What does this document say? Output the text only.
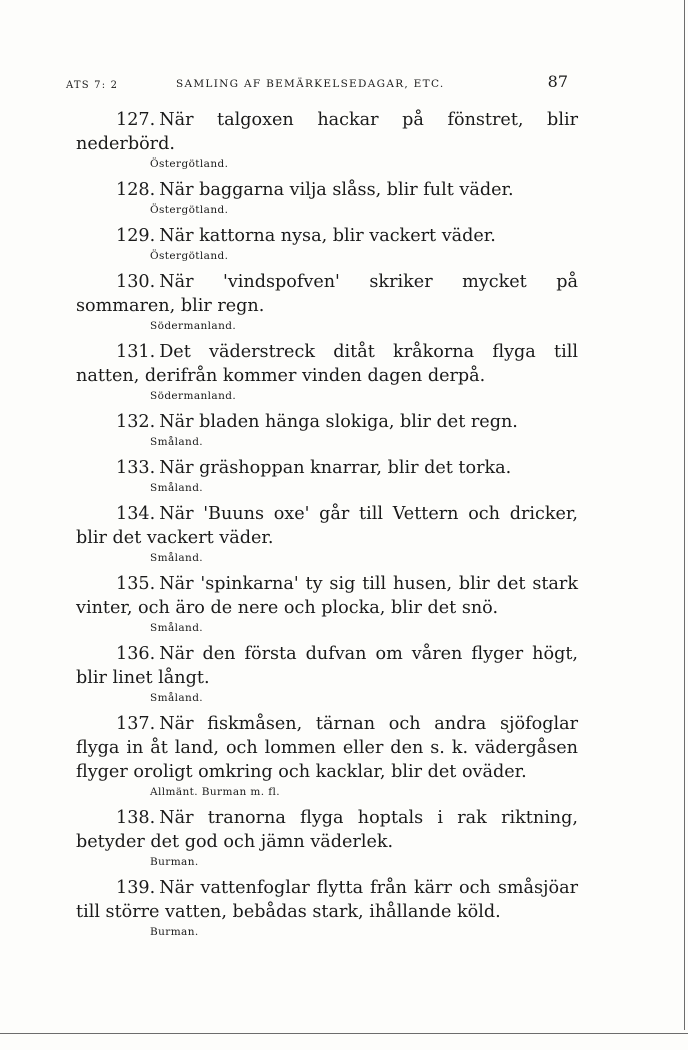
ATS 7: 2	SAMLING AF BEMÄRKELSEDAGAR, ETC.	87

127. När talgoxen hackar på fönstret, blir nederbörd.

Östergötland.

128. När baggarna vilja slåss, blir fult väder.

Östergötland.

129. När kattorna nysa, blir vackert väder.

Östergötland.

130. När 'vindspofven' skriker mycket på sommaren, blir regn.

Södermanland.

131. Det väderstreck ditåt kråkorna flyga till natten, derifrån kommer vinden dagen derpå.

Södermanland.

132. När bladen hänga slokiga, blir det regn.

Småland.

133. När gräshoppan knarrar, blir det torka.

Småland.

134. När 'Buuns oxe' går till Vettern och dricker, blir det vackert väder.

Småland.

135. När 'spinkarna' ty sig till husen, blir det stark vinter, och äro de nere och plocka, blir det snö.

Småland.

136. När den första dufvan om våren flyger högt, blir linet långt.

Småland.

137. När fiskmåsen, tärnan och andra sjöfoglar flyga in åt land, och lommen eller den s. k. vädergåsen flyger oroligt omkring och kacklar, blir det oväder.

Allmänt. Burman m. fl.

138. När tranorna flyga hoptals i rak riktning, betyder det god och jämn väderlek.

Burman.

139. När vattenfoglar flytta från kärr och småsjöar till större vatten, bebådas stark, ihållande köld.

Burman.
